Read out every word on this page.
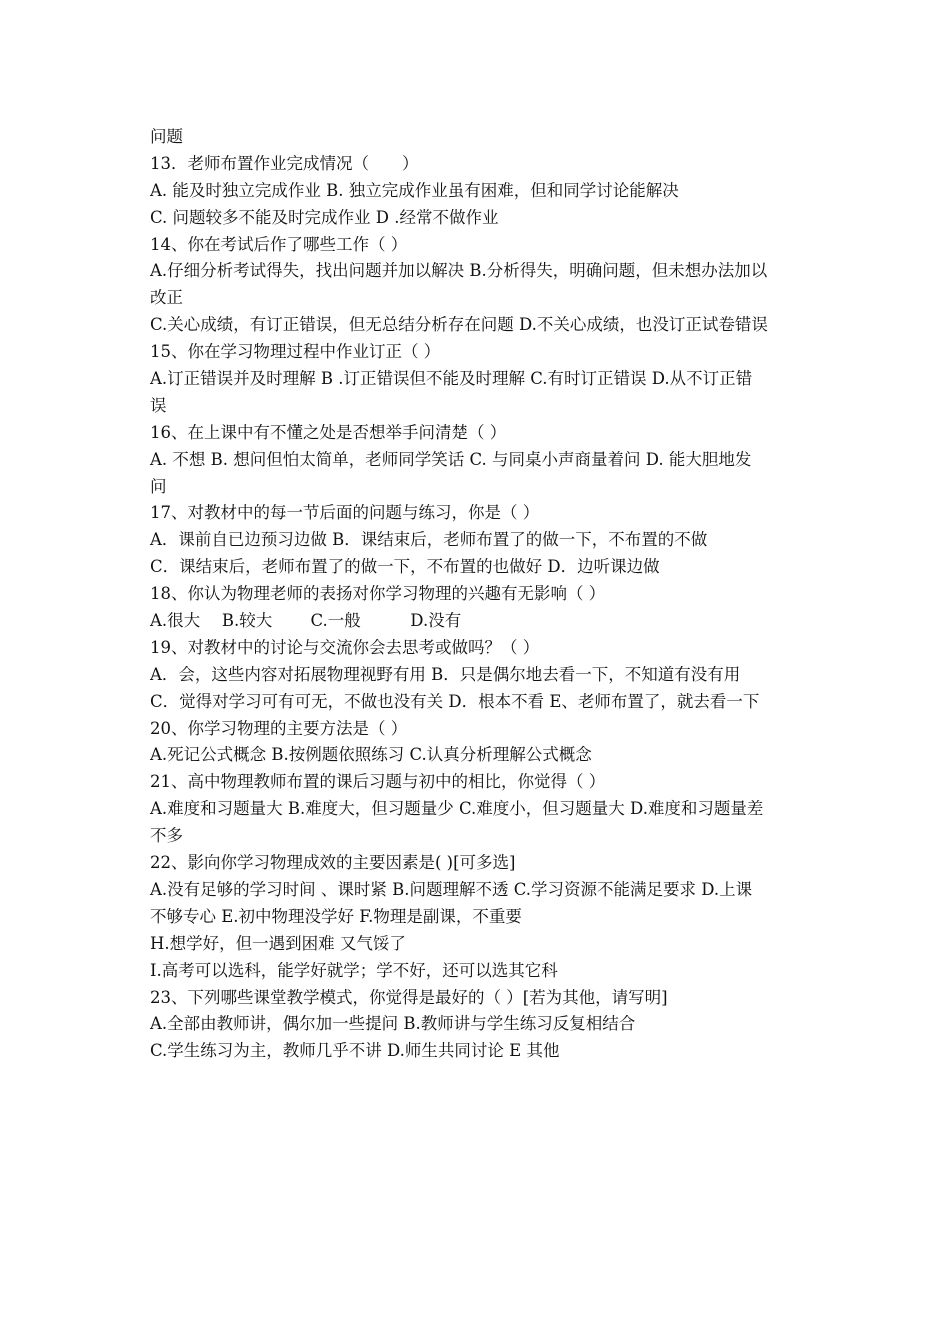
问题
13．老师布置作业完成情况（　　）
A. 能及时独立完成作业 B. 独立完成作业虽有困难，但和同学讨论能解决
C. 问题较多不能及时完成作业 D .经常不做作业
14、你在考试后作了哪些工作（ ）
A.仔细分析考试得失，找出问题并加以解决 B.分析得失，明确问题，但未想办法加以
改正
C.关心成绩，有订正错误，但无总结分析存在问题 D.不关心成绩，也没订正试卷错误
15、你在学习物理过程中作业订正（ ）
A.订正错误并及时理解 B .订正错误但不能及时理解 C.有时订正错误 D.从不订正错
误
16、在上课中有不懂之处是否想举手问清楚（ ）
A. 不想 B. 想问但怕太简单，老师同学笑话 C. 与同桌小声商量着问 D. 能大胆地发
问
17、对教材中的每一节后面的问题与练习，你是（ ）
A．课前自已边预习边做 B．课结束后，老师布置了的做一下，不布置的不做
C．课结束后，老师布置了的做一下，不布置的也做好 D．边听课边做
18、你认为物理老师的表扬对你学习物理的兴趣有无影响（ ）
A.很大　 B.较大　　 C.一般　　　D.没有
19、对教材中的讨论与交流你会去思考或做吗？（ ）
A．会，这些内容对拓展物理视野有用 B．只是偶尔地去看一下，不知道有没有用
C．觉得对学习可有可无，不做也没有关 D．根本不看 E、老师布置了，就去看一下
20、你学习物理的主要方法是（ ）
A.死记公式概念 B.按例题依照练习 C.认真分析理解公式概念
21、高中物理教师布置的课后习题与初中的相比，你觉得（ ）
A.难度和习题量大 B.难度大，但习题量少 C.难度小，但习题量大 D.难度和习题量差
不多
22、影向你学习物理成效的主要因素是( )[可多选]
A.没有足够的学习时间 、课时紧 B.问题理解不透 C.学习资源不能满足要求 D.上课
不够专心 E.初中物理没学好 F.物理是副课，不重要
H.想学好，但一遇到困难 又气馁了
I.高考可以选科，能学好就学；学不好，还可以选其它科
23、下列哪些课堂教学模式，你觉得是最好的（ ）[若为其他，请写明]
A.全部由教师讲，偶尔加一些提问 B.教师讲与学生练习反复相结合
C.学生练习为主，教师几乎不讲 D.师生共同讨论 E 其他
